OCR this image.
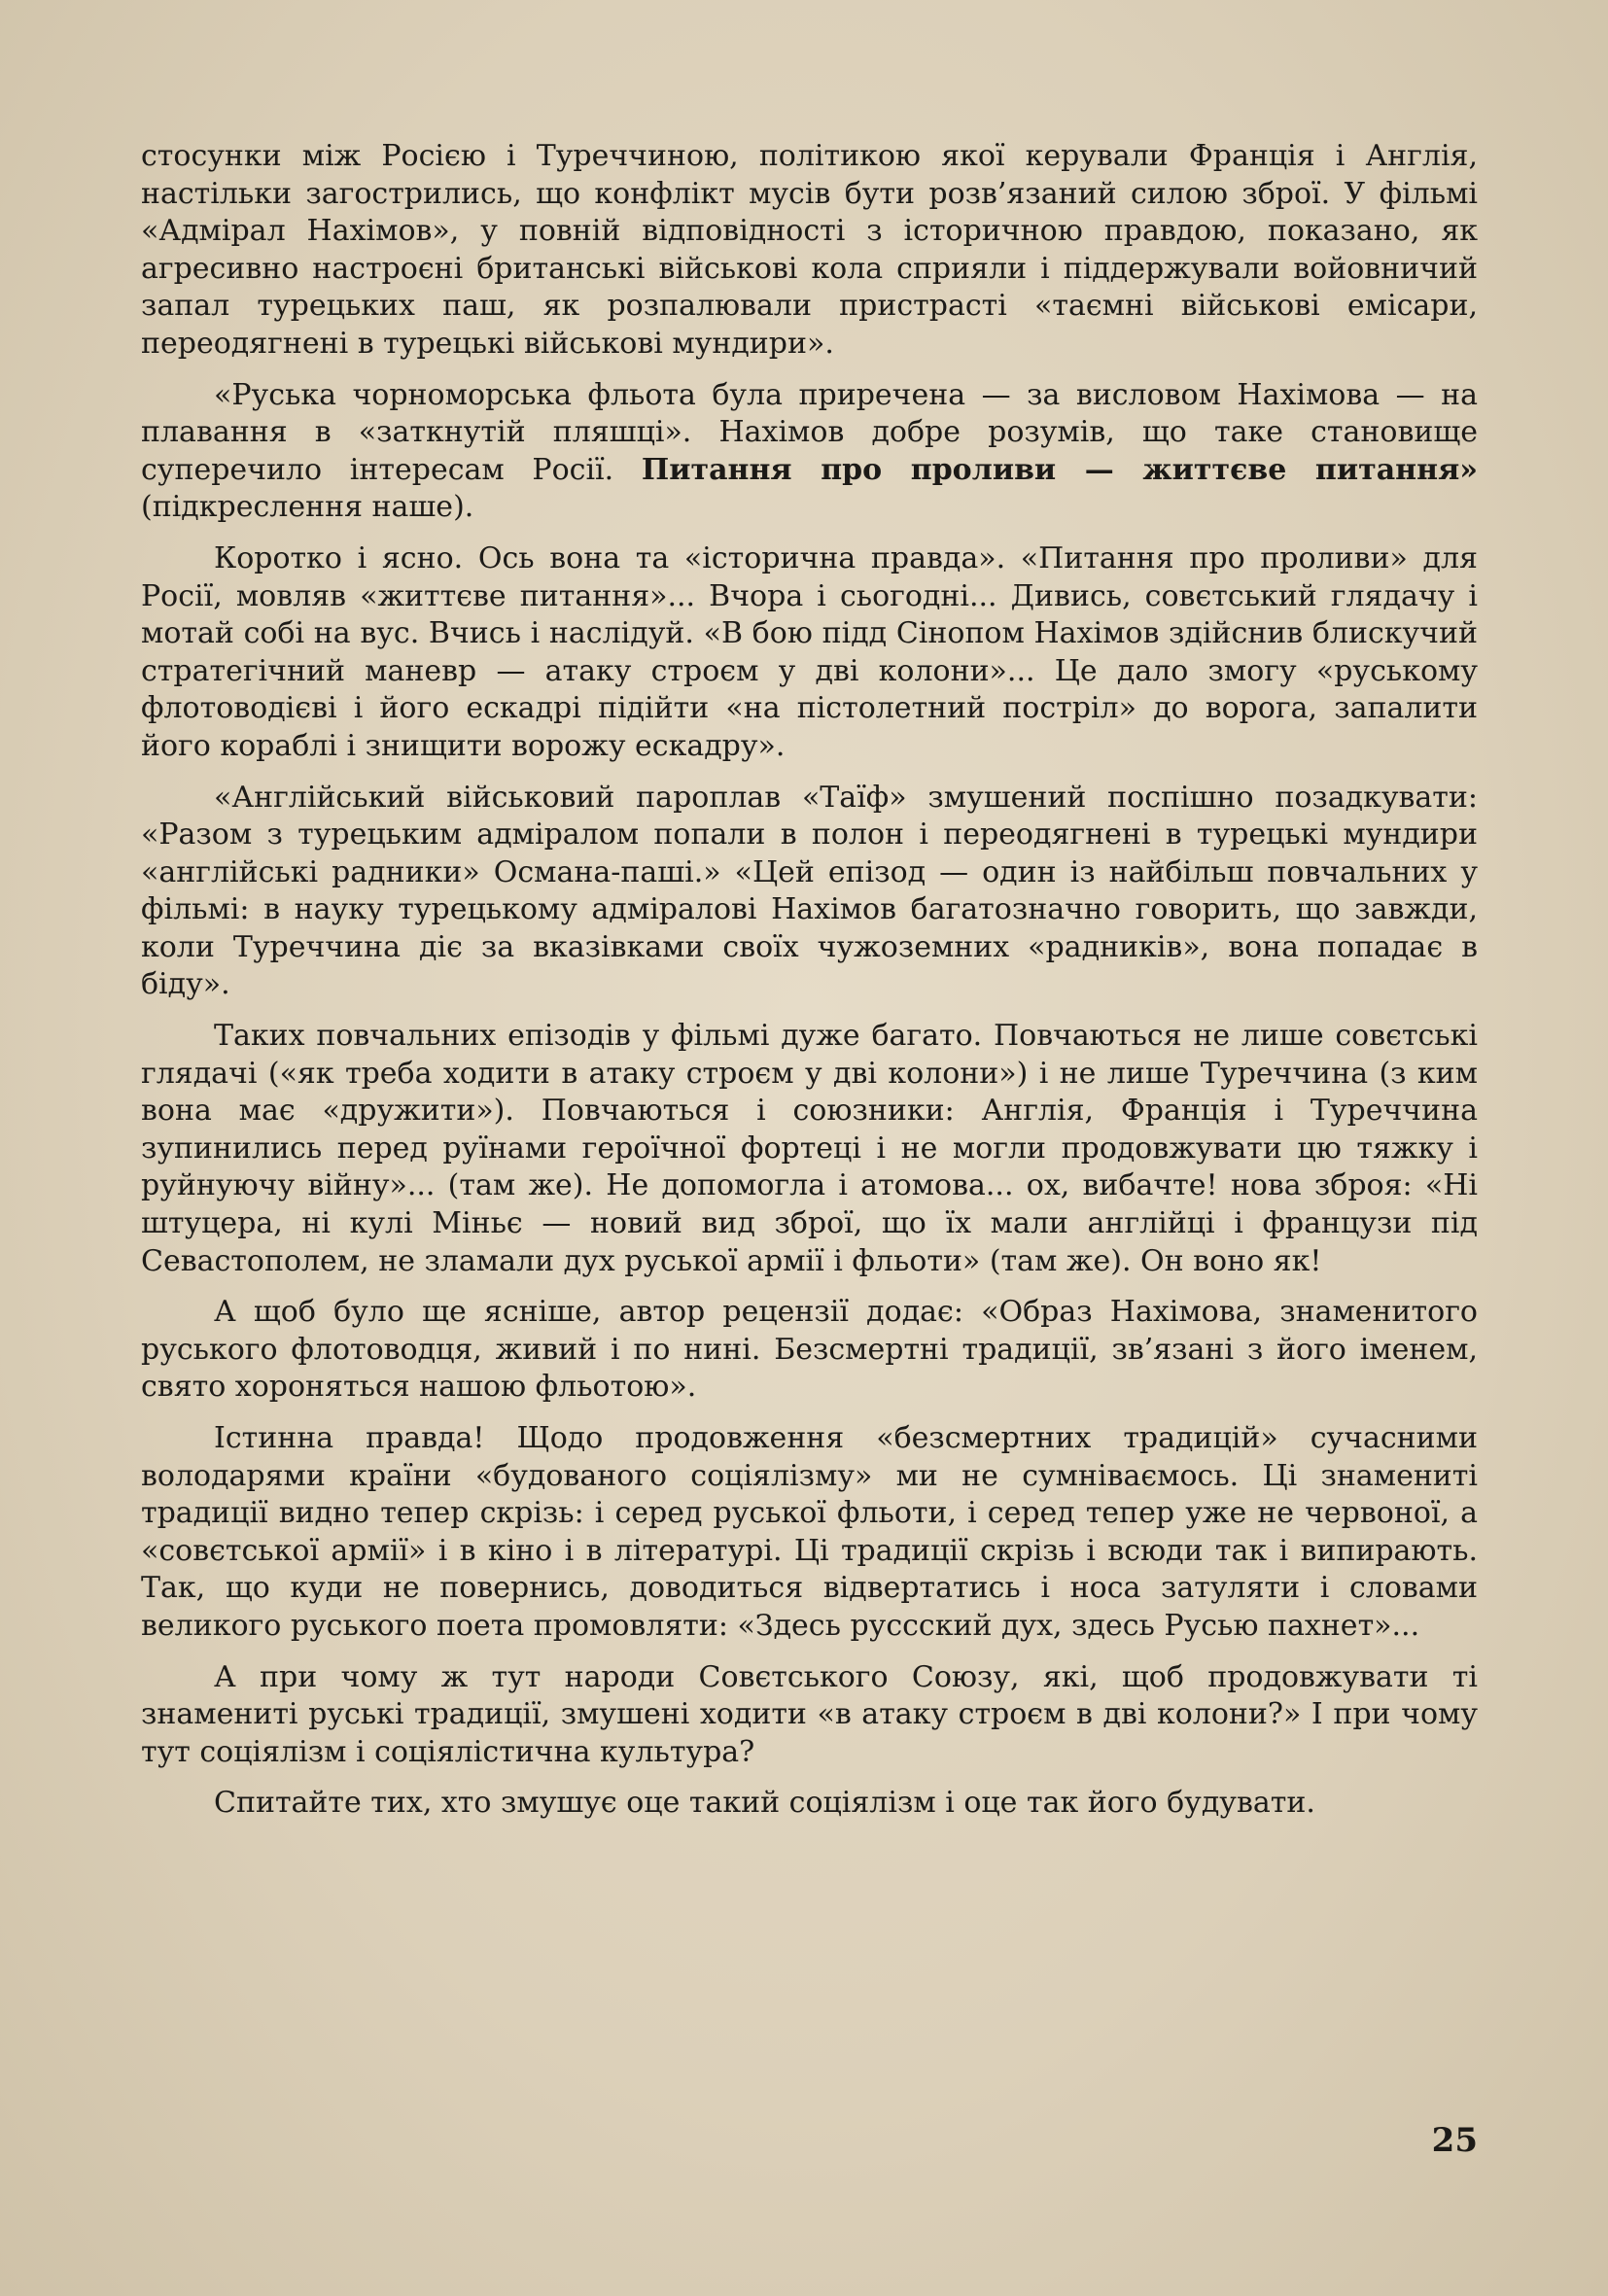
стосунки між Росією і Туреччиною, політикою якої керували Франція і Англія, настільки загострились, що конфлікт мусів бути розв’язаний силою зброї. У фільмі «Адмірал Нахімов», у повній відповідності з історичною правдою, показано, як агресивно настроєні британські військові кола сприяли і піддержували войовничий запал турецьких паш, як розпалювали пристрасті «таємні військові емісари, переодягнені в турецькі військові мундири».

«Руська чорноморська фльота була приречена — за висловом Нахімова — на плавання в «заткнутій пляшці». Нахімов добре розумів, що таке становище суперечило інтересам Росії. Питання про проливи — життєве питання» (підкреслення наше).

Коротко і ясно. Ось вона та «історична правда». «Питання про проливи» для Росії, мовляв «життєве питання»... Вчора і сьогодні... Дивись, совєтський глядачу і мотай собі на вус. Вчись і наслідуй. «В бою підд Сінопом Нахімов здійснив блискучий стратегічний маневр — атаку строєм у дві колони»... Це дало змогу «руському флотоводієві і його ескадрі підійти «на пістолетний постріл» до ворога, запалити його кораблі і знищити ворожу ескадру».

«Англійський військовий пароплав «Таїф» змушений поспішно позадкувати: «Разом з турецьким адміралом попали в полон і переодягнені в турецькі мундири «англійські радники» Османа-паші.» «Цей епізод — один із найбільш повчальних у фільмі: в науку турецькому адміралові Нахімов багатозначно говорить, що завжди, коли Туреччина діє за вказівками своїх чужоземних «радників», вона попадає в біду».

Таких повчальних епізодів у фільмі дуже багато. Повчаються не лише совєтські глядачі («як треба ходити в атаку строєм у дві колони») і не лише Туреччина (з ким вона має «дружити»). Повчаються і союзники: Англія, Франція і Туреччина зупинились перед руїнами героїчної фортеці і не могли продовжувати цю тяжку і руйнуючу війну»... (там же). Не допомогла і атомова... ох, вибачте! нова зброя: «Ні штуцера, ні кулі Міньє — новий вид зброї, що їх мали англійці і французи під Севастополем, не зламали дух руської армії і фльоти» (там же). Он воно як!

А щоб було ще ясніше, автор рецензії додає: «Образ Нахімова, знаменитого руського флотоводця, живий і по нині. Безсмертні традиції, зв’язані з його іменем, свято хороняться нашою фльотою».

Істинна правда! Щодо продовження «безсмертних традицій» сучасними володарями країни «будованого соціялізму» ми не сумніваємось. Ці знамениті традиції видно тепер скрізь: і серед руської фльоти, і серед тепер уже не червоної, а «совєтської армії» і в кіно і в літературі. Ці традиції скрізь і всюди так і випирають. Так, що куди не повернись, доводиться відвертатись і носа затуляти і словами великого руського поета промовляти: «Здесь руссский дух, здесь Русью пахнет»...

А при чому ж тут народи Совєтського Союзу, які, щоб продовжувати ті знамениті руські традиції, змушені ходити «в атаку строєм в дві колони?» І при чому тут соціялізм і соціялістична культура?

Спитайте тих, хто змушує оце такий соціялізм і оце так його будувати.

25
